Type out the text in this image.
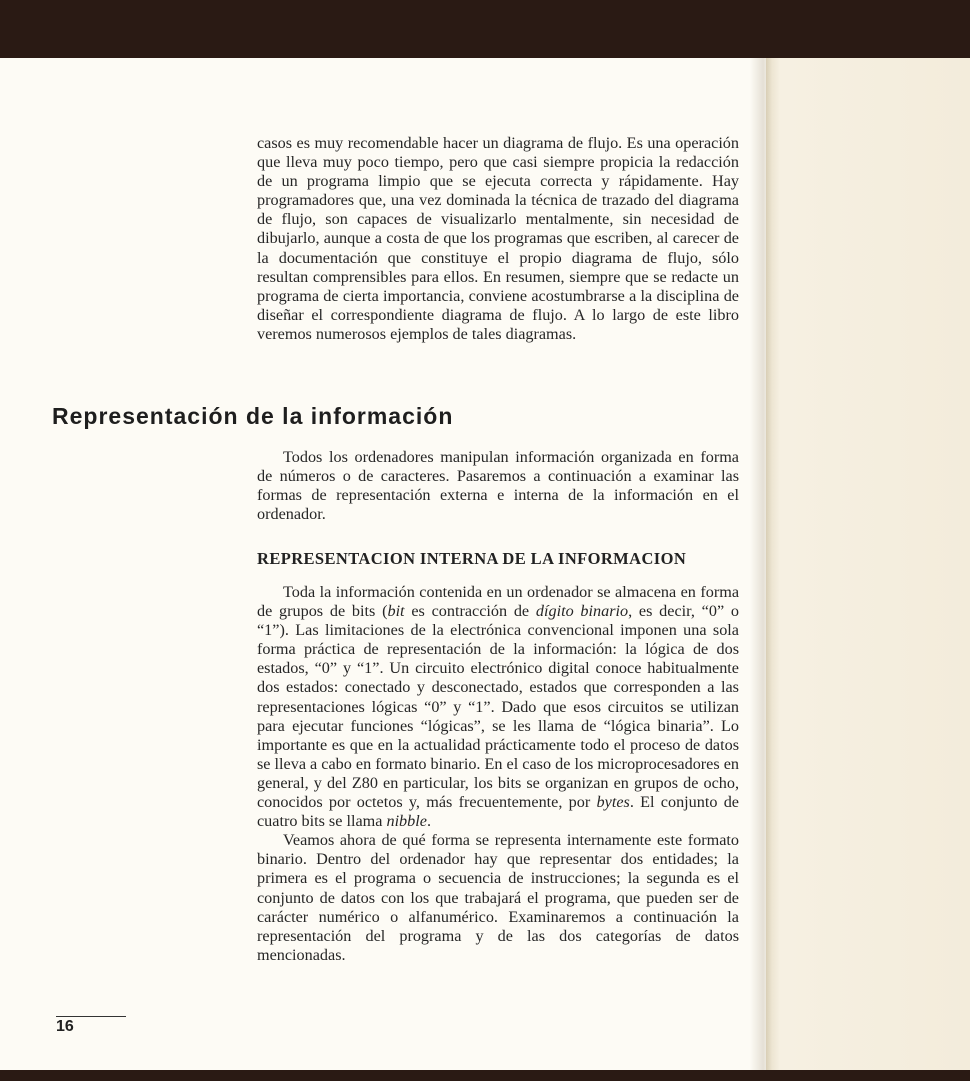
casos es muy recomendable hacer un diagrama de flujo. Es una operación que lleva muy poco tiempo, pero que casi siempre propicia la redacción de un programa limpio que se ejecuta correcta y rápidamente. Hay programadores que, una vez dominada la técnica de trazado del diagrama de flujo, son capaces de visualizarlo mentalmente, sin necesidad de dibujarlo, aunque a costa de que los programas que escriben, al carecer de la documentación que constituye el propio diagrama de flujo, sólo resultan comprensibles para ellos. En resumen, siempre que se redacte un programa de cierta importancia, conviene acostumbrarse a la disciplina de diseñar el correspondiente diagrama de flujo. A lo largo de este libro veremos numerosos ejemplos de tales diagramas.

Representación de la información

Todos los ordenadores manipulan información organizada en forma de números o de caracteres. Pasaremos a continuación a examinar las formas de representación externa e interna de la información en el ordenador.

REPRESENTACION INTERNA DE LA INFORMACION

Toda la información contenida en un ordenador se almacena en forma de grupos de bits (bit es contracción de dígito binario, es decir, “0” o “1”). Las limitaciones de la electrónica convencional imponen una sola forma práctica de representación de la información: la lógica de dos estados, “0” y “1”. Un circuito electrónico digital conoce habitualmente dos estados: conectado y desconectado, estados que corresponden a las representaciones lógicas “0” y “1”. Dado que esos circuitos se utilizan para ejecutar funciones “lógicas”, se les llama de “lógica binaria”. Lo importante es que en la actualidad prácticamente todo el proceso de datos se lleva a cabo en formato binario. En el caso de los microprocesadores en general, y del Z80 en particular, los bits se organizan en grupos de ocho, conocidos por octetos y, más frecuentemente, por bytes. El conjunto de cuatro bits se llama nibble.

Veamos ahora de qué forma se representa internamente este formato binario. Dentro del ordenador hay que representar dos entidades; la primera es el programa o secuencia de instrucciones; la segunda es el conjunto de datos con los que trabajará el programa, que pueden ser de carácter numérico o alfanumérico. Examinaremos a continuación la representación del programa y de las dos categorías de datos mencionadas.

16
